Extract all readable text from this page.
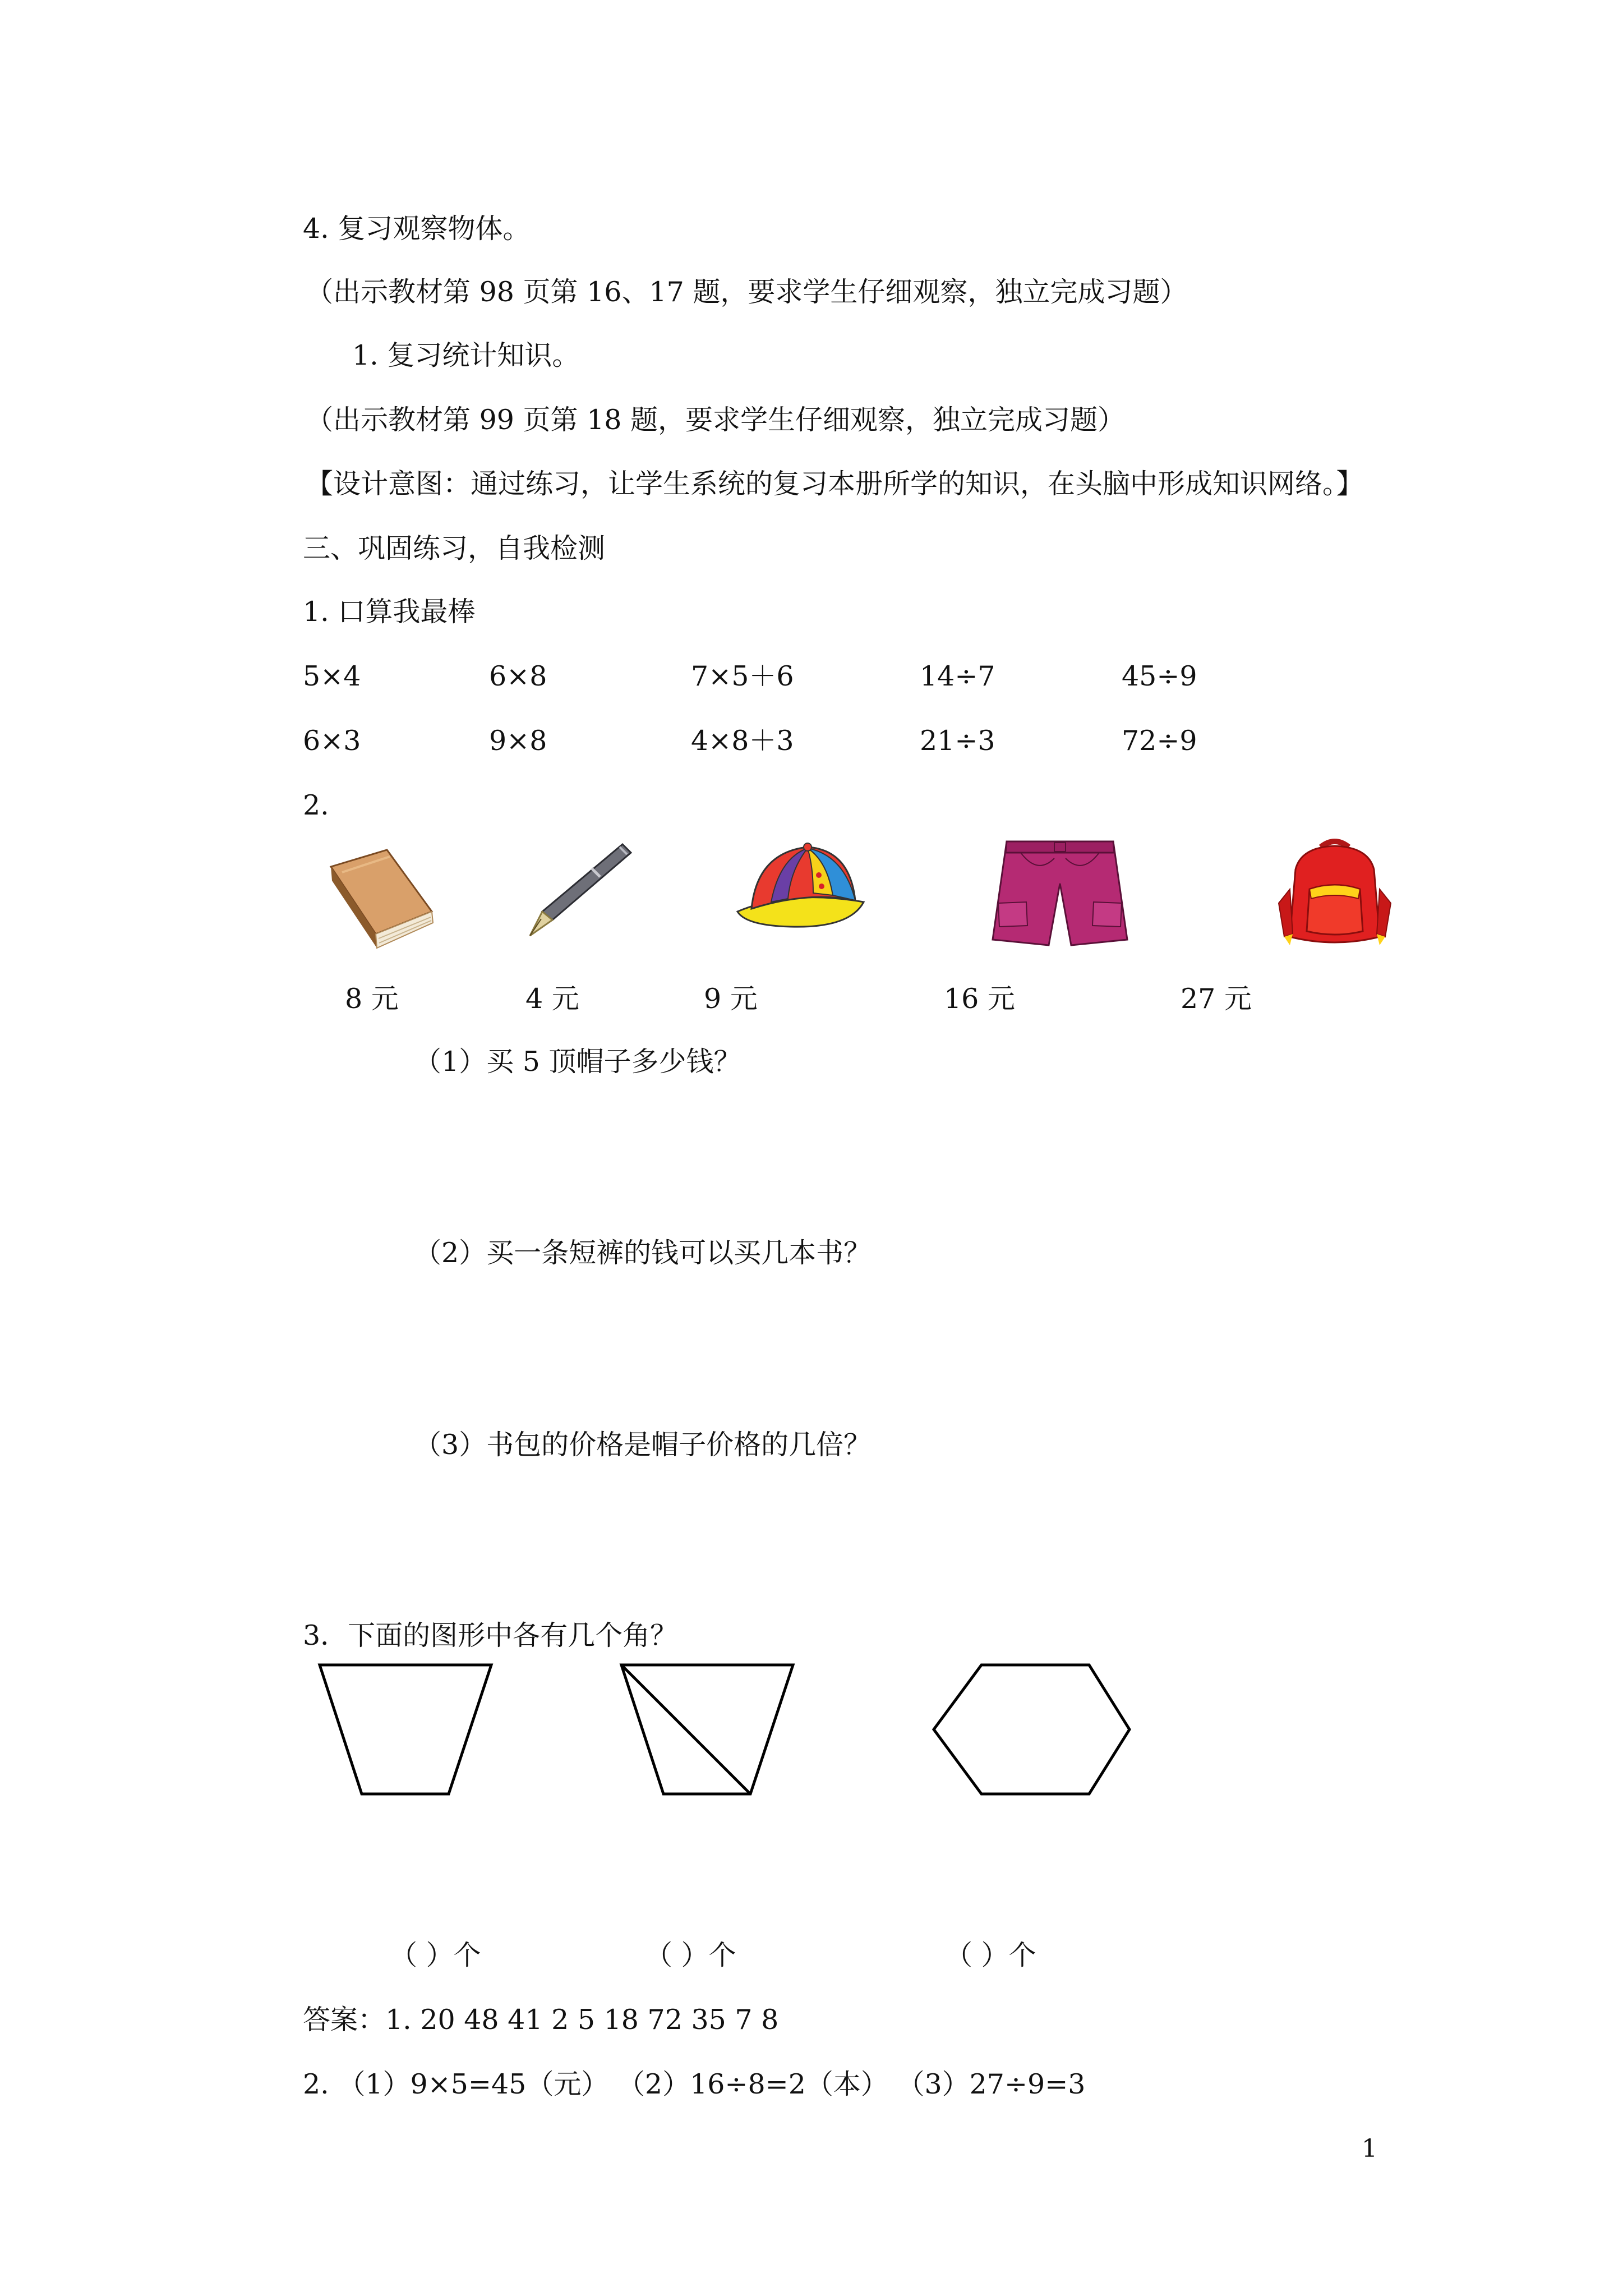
4. 复习观察物体。
（出示教材第 98 页第 16、17 题，要求学生仔细观察，独立完成习题）
1. 复习统计知识。
（出示教材第 99 页第 18 题，要求学生仔细观察，独立完成习题）
【设计意图：通过练习，让学生系统的复习本册所学的知识，在头脑中形成知识网络。】
三、巩固练习，自我检测
1. 口算我最棒
5×4	6×8	7×5＋6	14÷7	45÷9
6×3	9×8	4×8＋3	21÷3	72÷9
2.
8 元	4 元	9 元	16 元	27 元
（1）买 5 顶帽子多少钱？
（2）买一条短裤的钱可以买几本书？
（3）书包的价格是帽子价格的几倍？
3．下面的图形中各有几个角？
（ ）个	（ ）个	（ ）个
答案：1. 20 48 41 2 5 18 72 35 7 8
2. （1）9×5=45（元） （2）16÷8=2（本） （3）27÷9=3
1
